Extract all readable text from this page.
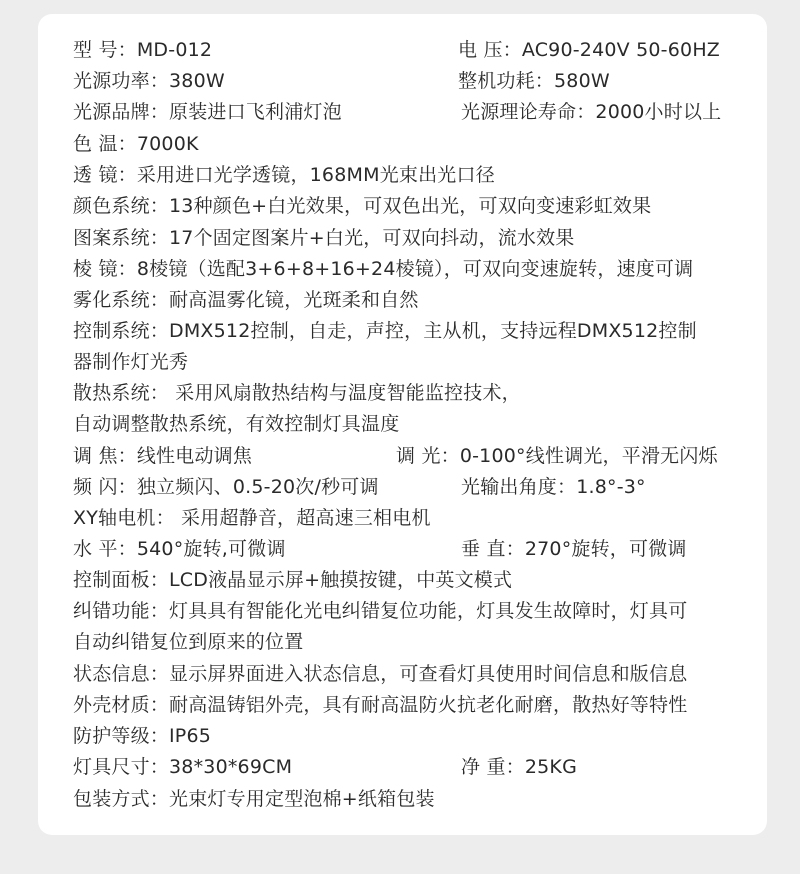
型 号：MD-012	电 压：AC90-240V 50-60HZ
光源功率：380W	整机功耗：580W
光源品牌：原装进口飞利浦灯泡	光源理论寿命：2000小时以上
色 温：7000K
透 镜：采用进口光学透镜，168MM光束出光口径
颜色系统：13种颜色+白光效果，可双色出光，可双向变速彩虹效果
图案系统：17个固定图案片+白光，可双向抖动，流水效果
棱 镜：8棱镜（选配3+6+8+16+24棱镜），可双向变速旋转，速度可调
雾化系统：耐高温雾化镜，光斑柔和自然
控制系统：DMX512控制，自走，声控，主从机，支持远程DMX512控制
器制作灯光秀
散热系统： 采用风扇散热结构与温度智能监控技术，
自动调整散热系统，有效控制灯具温度
调 焦：线性电动调焦	调 光：0-100°线性调光，平滑无闪烁
频 闪：独立频闪、0.5-20次/秒可调	光输出角度：1.8°-3°
XY轴电机： 采用超静音，超高速三相电机
水 平：540°旋转,可微调	垂 直：270°旋转，可微调
控制面板：LCD液晶显示屏+触摸按键，中英文模式
纠错功能：灯具具有智能化光电纠错复位功能，灯具发生故障时，灯具可
自动纠错复位到原来的位置
状态信息：显示屏界面进入状态信息，可查看灯具使用时间信息和版信息
外壳材质：耐高温铸铝外壳，具有耐高温防火抗老化耐磨，散热好等特性
防护等级：IP65
灯具尺寸：38*30*69CM	净 重：25KG
包装方式：光束灯专用定型泡棉+纸箱包装
